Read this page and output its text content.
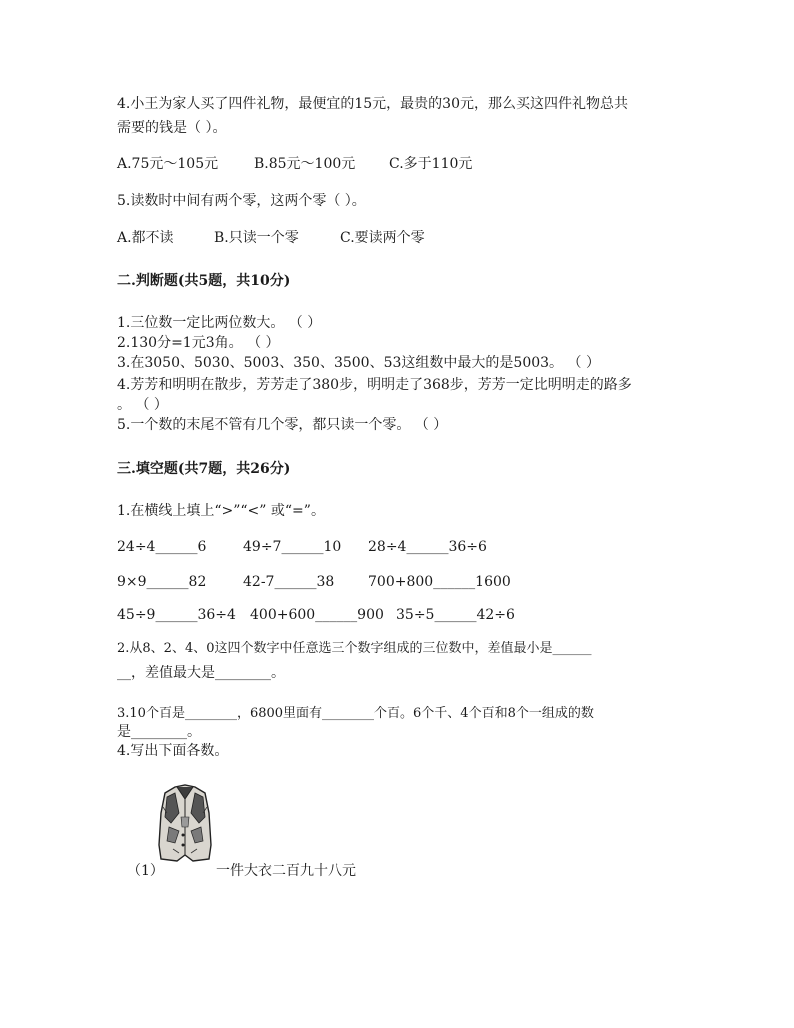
4.小王为家人买了四件礼物，最便宜的15元，最贵的30元，那么买这四件礼物总共
需要的钱是（ ）。
A.75元～105元	B.85元～100元 C.多于110元
5.读数时中间有两个零，这两个零（ ）。
A.都不读	B.只读一个零	C.要读两个零
二.判断题(共5题，共10分)
1.三位数一定比两位数大。 （ ）
2.130分=1元3角。 （ ）
3.在3050、5030、5003、350、3500、53这组数中最大的是5003。 （ ）
4.芳芳和明明在散步，芳芳走了380步，明明走了368步，芳芳一定比明明走的路多
。 （ ）
5.一个数的末尾不管有几个零，都只读一个零。 （ ）
三.填空题(共7题，共26分)
1.在横线上填上“>”“<” 或“=”。
24÷4______6	49÷7______10 28÷4______36÷6
9×9______82	42-7______38 700+800______1600
45÷9______36÷4 400+600______900 35÷5______42÷6
2.从8、2、4、0这四个数字中任意选三个数字组成的三位数中，差值最小是______
__，差值最大是________。
3.10个百是________，6800里面有________个百。6个千、4个百和8个一组成的数
是________。
4.写出下面各数。
（1）	一件大衣二百九十八元
